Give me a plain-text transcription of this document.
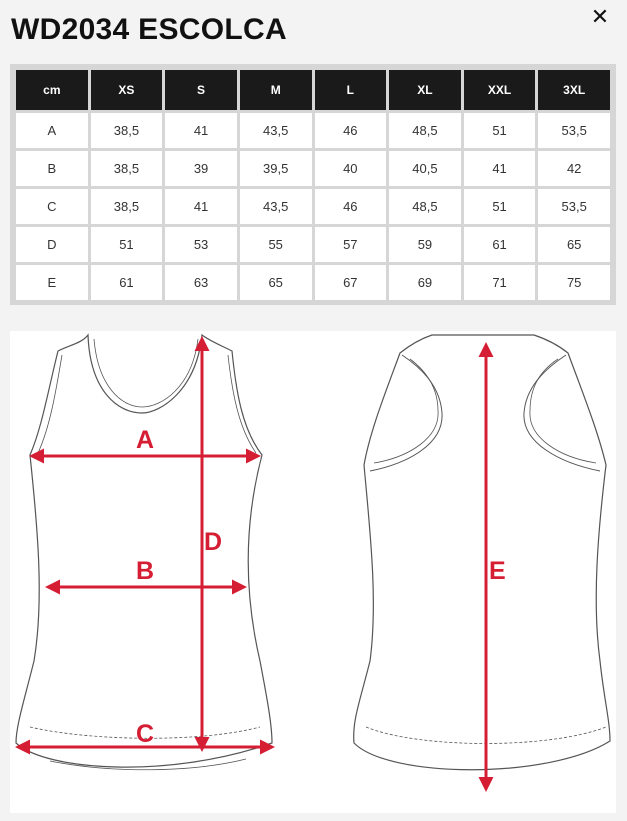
WD2034 ESCOLCA	✕
cm	XS	S	M	L	XL	XXL	3XL
A	38,5	41	43,5	46	48,5	51	53,5
B	38,5	39	39,5	40	40,5	41	42
C	38,5	41	43,5	46	48,5	51	53,5
D	51	53	55	57	59	61	65
E	61	63	65	67	69	71	75
A
B
C
D
E
